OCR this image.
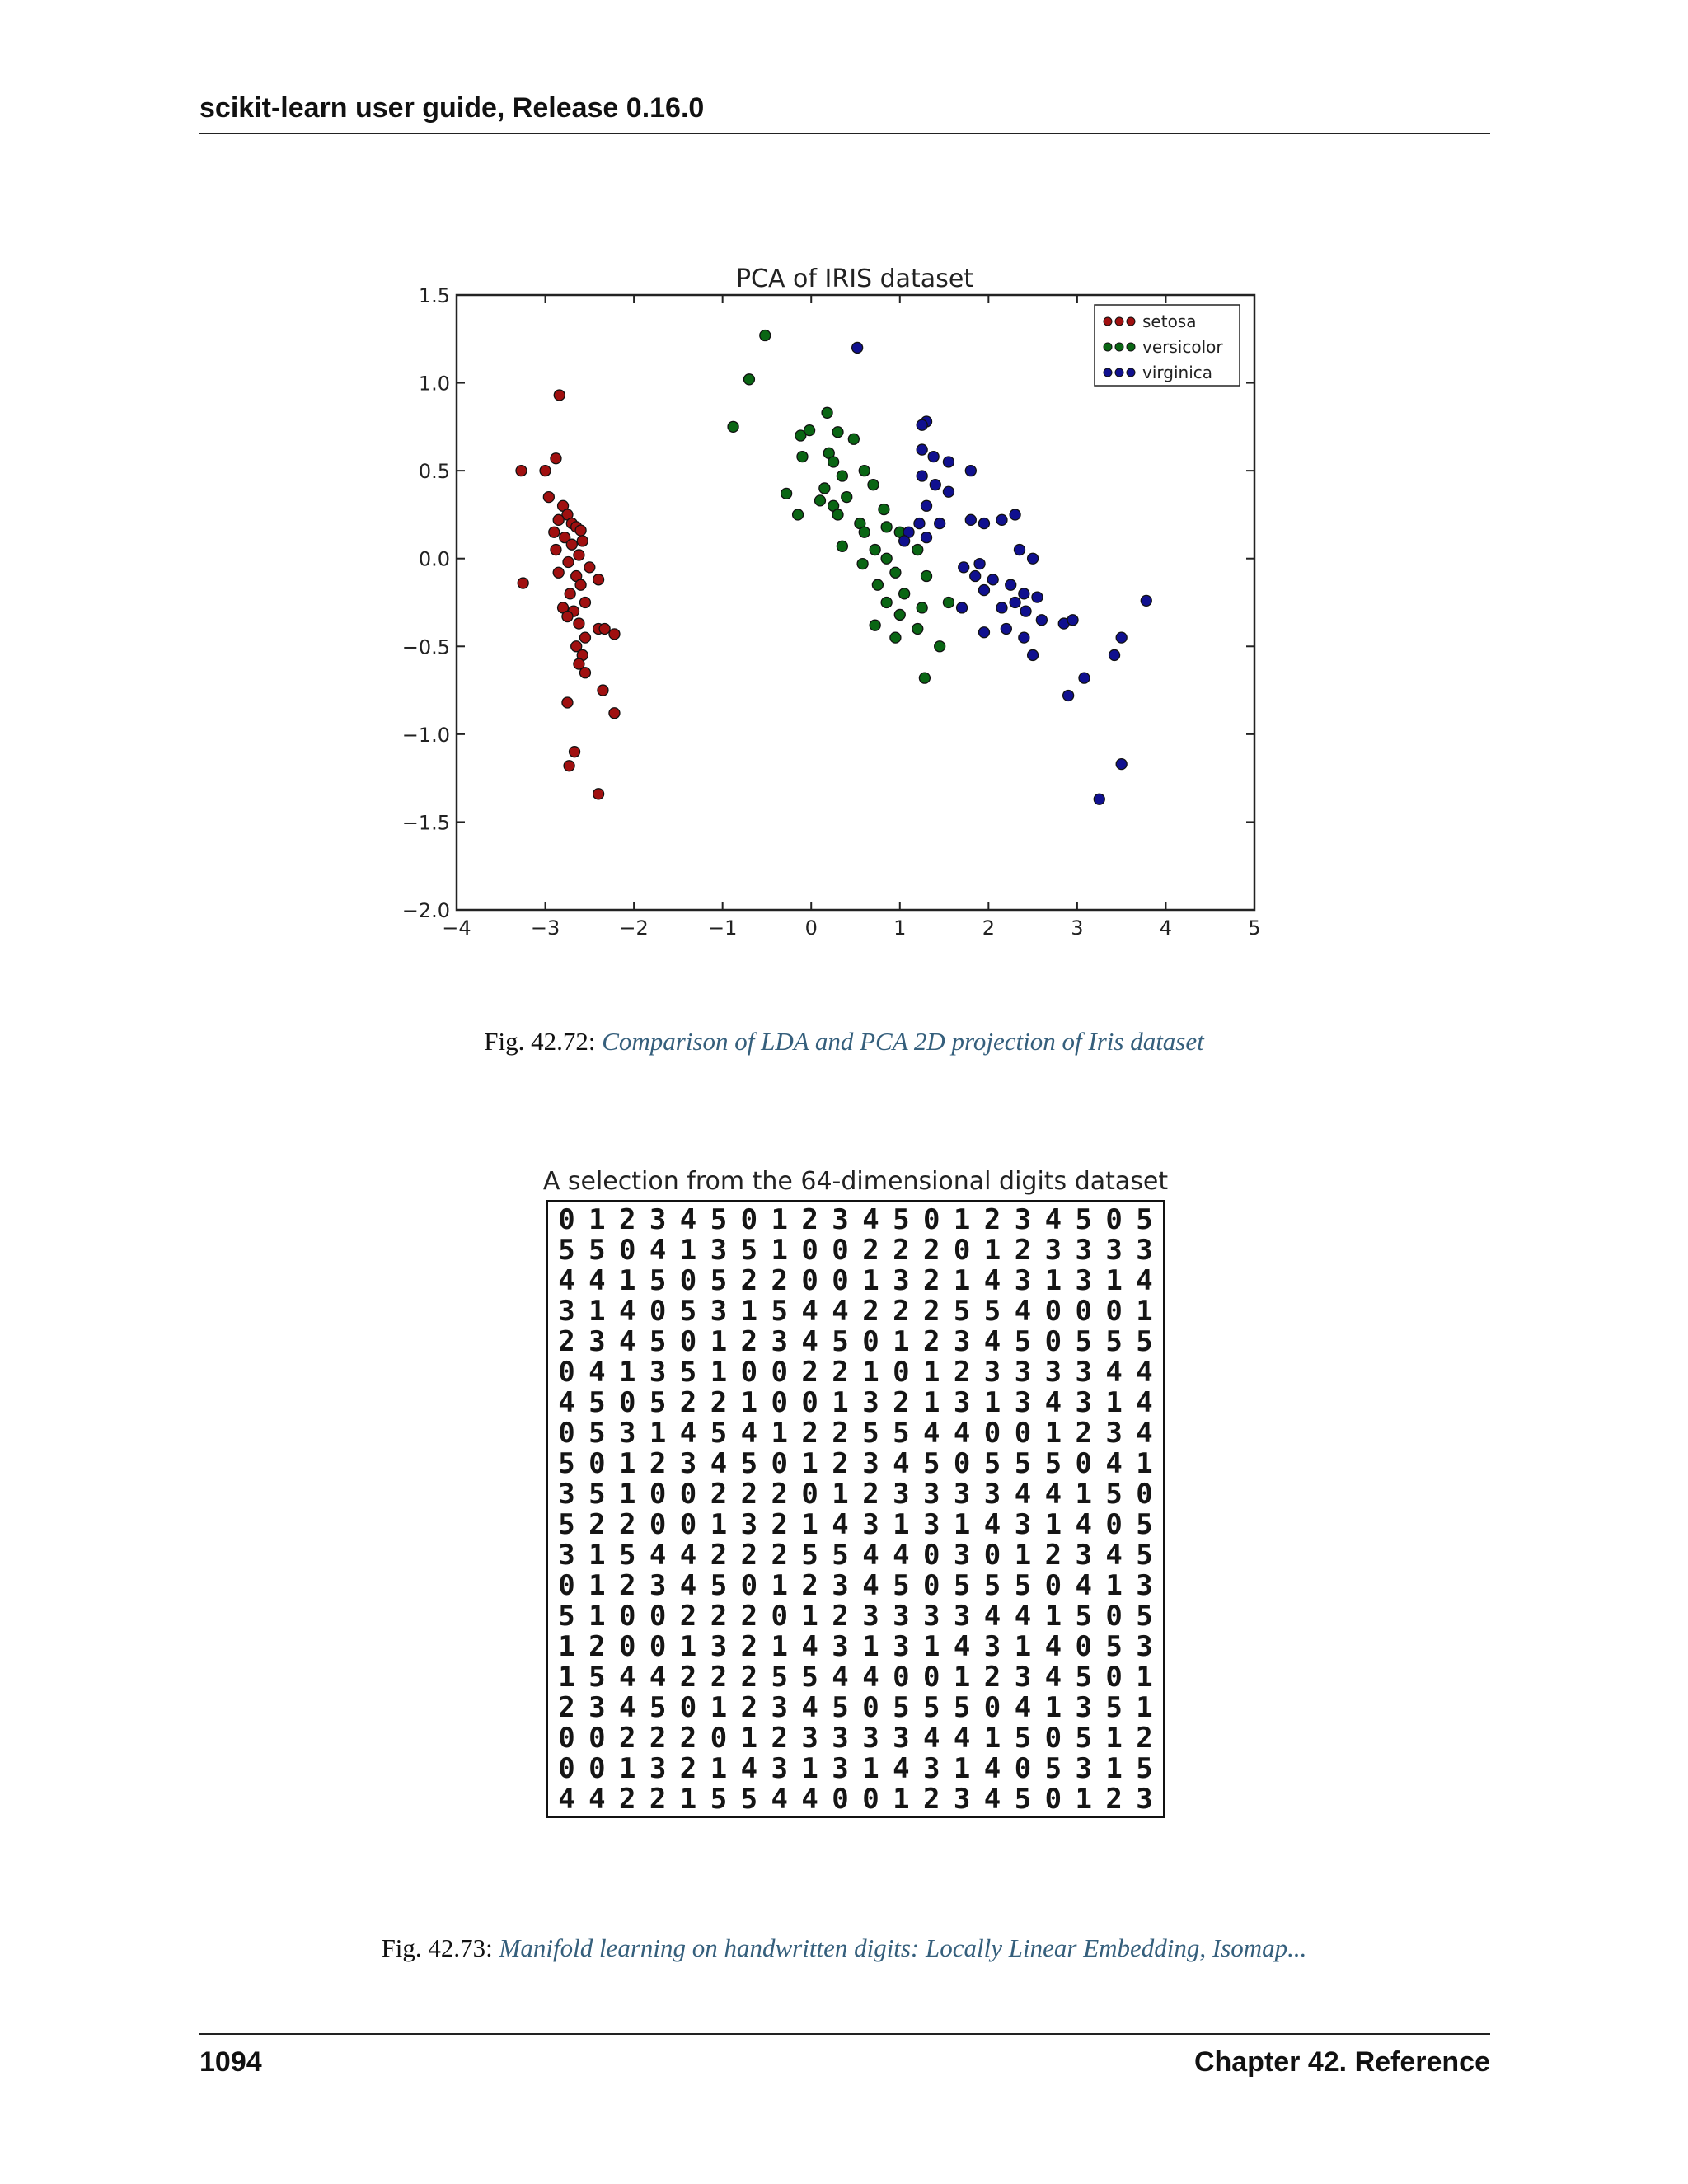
scikit-learn user guide, Release 0.16.0
PCA of IRIS dataset
1.5
1.0
0.5
0.0
−0.5
−1.0
−1.5
−2.0
−4	−3	−2	−1	0	1	2	3	4	5
setosa
versicolor
virginica
Fig. 42.72: Comparison of LDA and PCA 2D projection of Iris dataset
A selection from the 64-dimensional digits dataset
0 1 2 3 4 5 0 1 2 3 4 5 0 1 2 3 4 5 0 5
5 5 0 4 1 3 5 1 0 0 2 2 2 0 1 2 3 3 3 3
4 4 1 5 0 5 2 2 0 0 1 3 2 1 4 3 1 3 1 4
3 1 4 0 5 3 1 5 4 4 2 2 2 5 5 4 0 0 0 1
2 3 4 5 0 1 2 3 4 5 0 1 2 3 4 5 0 5 5 5
0 4 1 3 5 1 0 0 2 2 1 0 1 2 3 3 3 3 4 4
4 5 0 5 2 2 1 0 0 1 3 2 1 3 1 3 4 3 1 4
0 5 3 1 4 5 4 1 2 2 5 5 4 4 0 0 1 2 3 4
5 0 1 2 3 4 5 0 1 2 3 4 5 0 5 5 5 0 4 1
3 5 1 0 0 2 2 2 0 1 2 3 3 3 3 4 4 1 5 0
5 2 2 0 0 1 3 2 1 4 3 1 3 1 4 3 1 4 0 5
3 1 5 4 4 2 2 2 5 5 4 4 0 3 0 1 2 3 4 5
0 1 2 3 4 5 0 1 2 3 4 5 0 5 5 5 0 4 1 3
5 1 0 0 2 2 2 0 1 2 3 3 3 3 4 4 1 5 0 5
1 2 0 0 1 3 2 1 4 3 1 3 1 4 3 1 4 0 5 3
1 5 4 4 2 2 2 5 5 4 4 0 0 1 2 3 4 5 0 1
2 3 4 5 0 1 2 3 4 5 0 5 5 5 0 4 1 3 5 1
0 0 2 2 2 0 1 2 3 3 3 3 4 4 1 5 0 5 1 2
0 0 1 3 2 1 4 3 1 3 1 4 3 1 4 0 5 3 1 5
4 4 2 2 1 5 5 4 4 0 0 1 2 3 4 5 0 1 2 3
Fig. 42.73: Manifold learning on handwritten digits: Locally Linear Embedding, Isomap...
1094	Chapter 42. Reference
